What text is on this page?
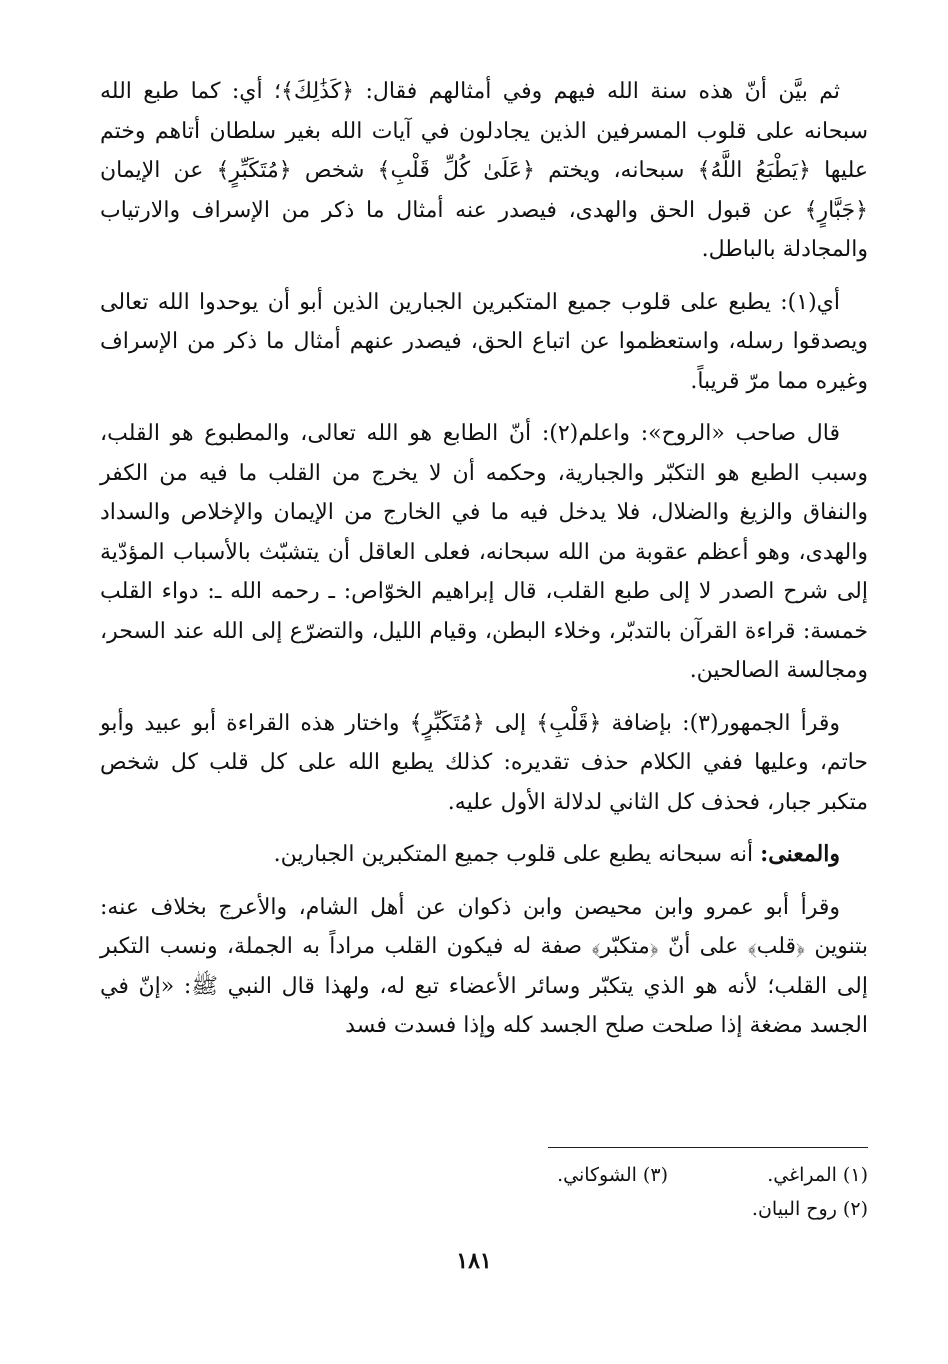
ثم بيَّن أنّ هذه سنة الله فيهم وفي أمثالهم فقال: ﴿كَذَٰلِكَ﴾؛ أي: كما طبع الله سبحانه على قلوب المسرفين الذين يجادلون في آيات الله بغير سلطان أتاهم وختم عليها ﴿يَطْبَعُ اللَّهُ﴾ سبحانه، ويختم ﴿عَلَىٰ كُلِّ قَلْبِ﴾ شخص ﴿مُتَكَبِّرٍ﴾ عن الإيمان ﴿جَبَّارٍ﴾ عن قبول الحق والهدى، فيصدر عنه أمثال ما ذكر من الإسراف والارتياب والمجادلة بالباطل.

أي(١): يطبع على قلوب جميع المتكبرين الجبارين الذين أبو أن يوحدوا الله تعالى ويصدقوا رسله، واستعظموا عن اتباع الحق، فيصدر عنهم أمثال ما ذكر من الإسراف وغيره مما مرّ قريباً.

قال صاحب «الروح»: واعلم(٢): أنّ الطابع هو الله تعالى، والمطبوع هو القلب، وسبب الطبع هو التكبّر والجبارية، وحكمه أن لا يخرج من القلب ما فيه من الكفر والنفاق والزيغ والضلال، فلا يدخل فيه ما في الخارج من الإيمان والإخلاص والسداد والهدى، وهو أعظم عقوبة من الله سبحانه، فعلى العاقل أن يتشبّث بالأسباب المؤدّية إلى شرح الصدر لا إلى طبع القلب، قال إبراهيم الخوّاص: ـ رحمه الله ـ: دواء القلب خمسة: قراءة القرآن بالتدبّر، وخلاء البطن، وقيام الليل، والتضرّع إلى الله عند السحر، ومجالسة الصالحين.

وقرأ الجمهور(٣): بإضافة ﴿قَلْبِ﴾ إلى ﴿مُتَكَبِّرٍ﴾ واختار هذه القراءة أبو عبيد وأبو حاتم، وعليها ففي الكلام حذف تقديره: كذلك يطبع الله على كل قلب كل شخص متكبر جبار، فحذف كل الثاني لدلالة الأول عليه.

والمعنى: أنه سبحانه يطبع على قلوب جميع المتكبرين الجبارين.

وقرأ أبو عمرو وابن محيصن وابن ذكوان عن أهل الشام، والأعرج بخلاف عنه: بتنوين ﴿قلب﴾ على أنّ ﴿متكبّر﴾ صفة له فيكون القلب مراداً به الجملة، ونسب التكبر إلى القلب؛ لأنه هو الذي يتكبّر وسائر الأعضاء تبع له، ولهذا قال النبي ﷺ: «إنّ في الجسد مضغة إذا صلحت صلح الجسد كله وإذا فسدت فسد

(١) المراغي.
(٣) الشوكاني.
(٢) روح البيان.
١٨١
